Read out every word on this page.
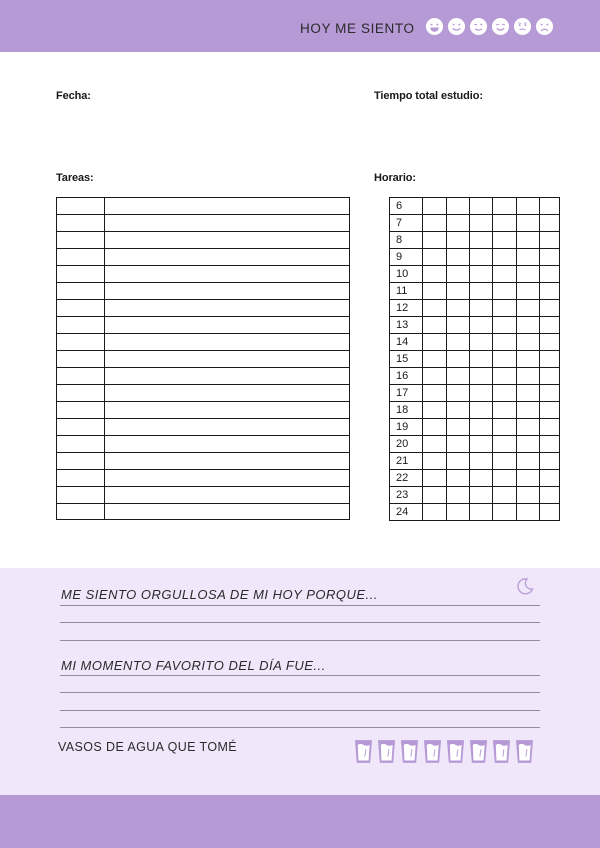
HOY ME SIENTO
Fecha:	Tiempo total estudio:
Tareas:	Horario:
6
7
8
9
10
11
12
13
14
15
16
17
18
19
20
21
22
23
24
ME SIENTO ORGULLOSA DE MI HOY PORQUE...
MI MOMENTO FAVORITO DEL DÍA FUE...
VASOS DE AGUA QUE TOMÉ
